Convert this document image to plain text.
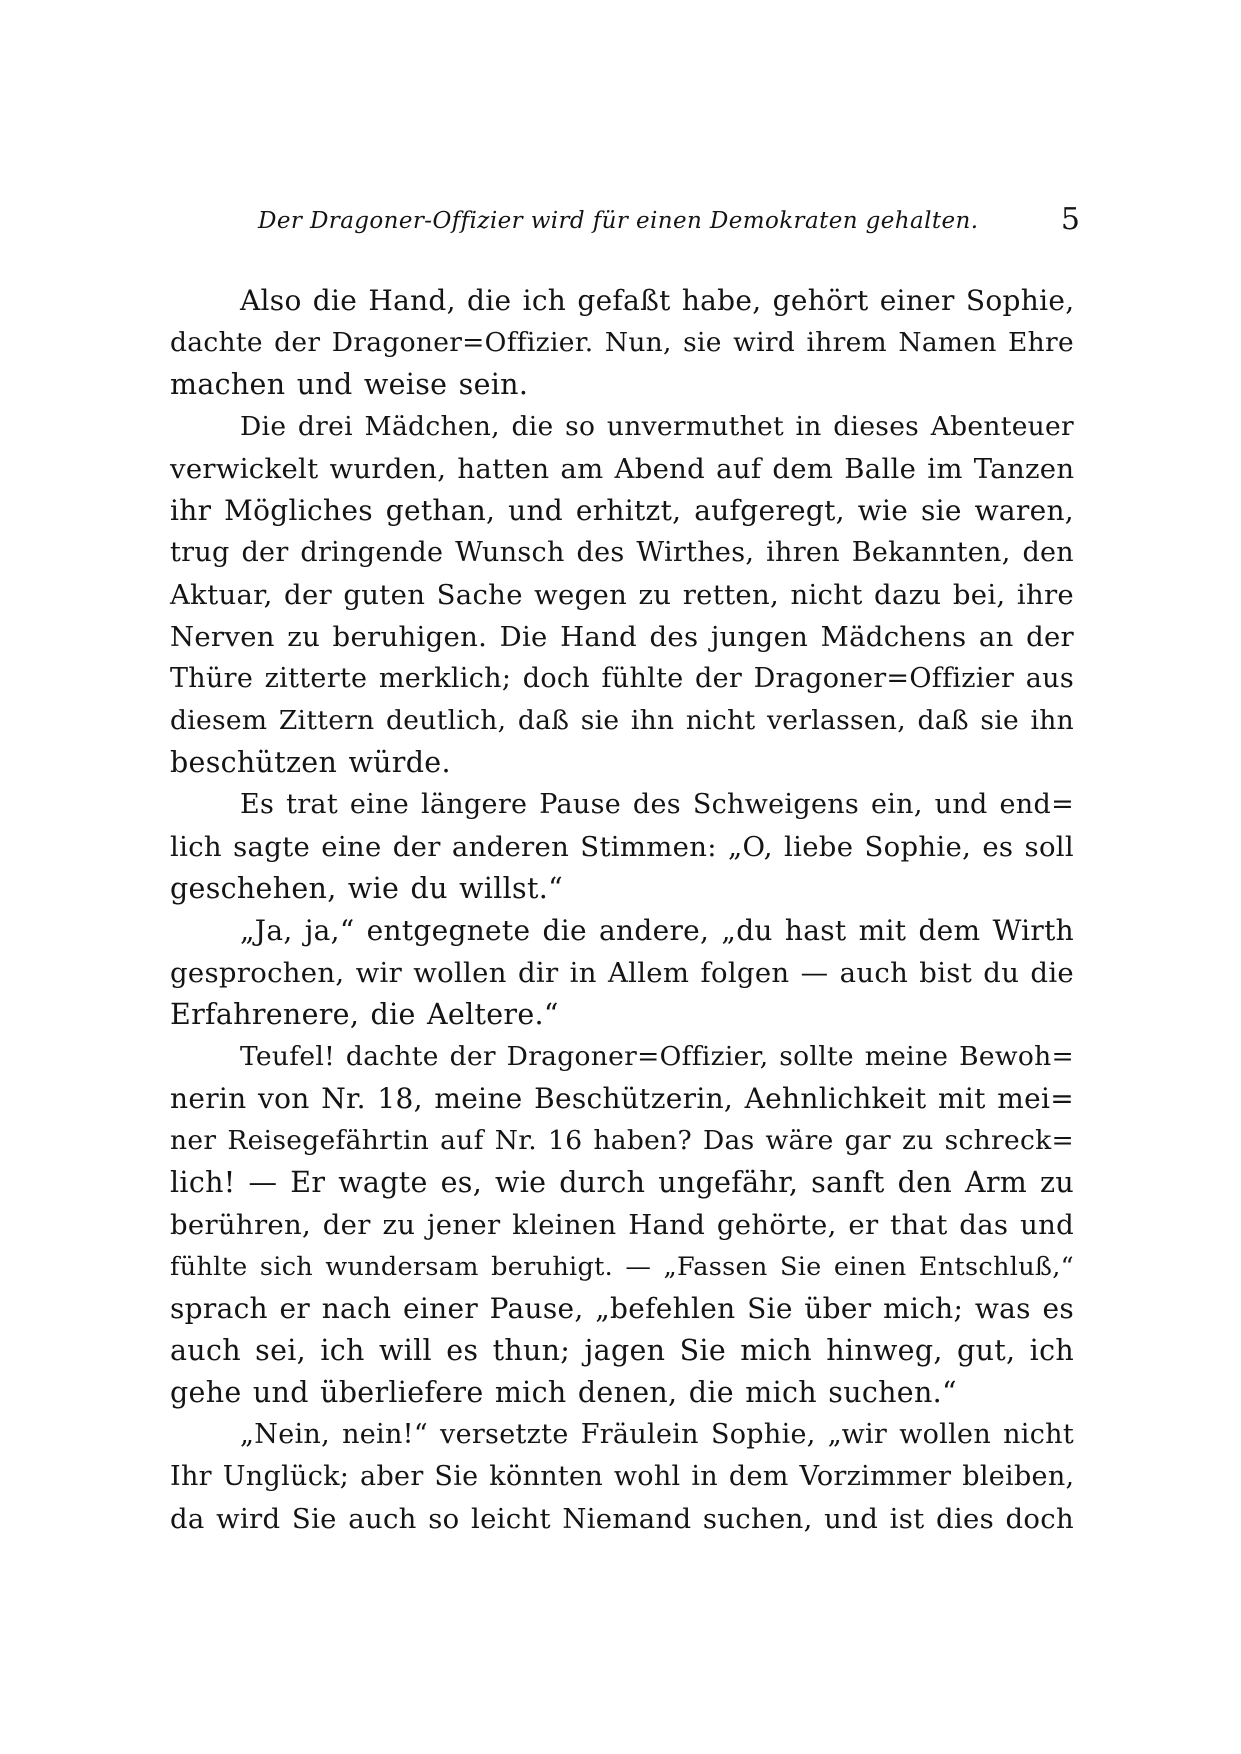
Der Dragoner-Offizier wird für einen Demokraten gehalten.	5
Also die Hand, die ich gefaßt habe, gehört einer Sophie,
dachte der Dragoner=Offizier. Nun, sie wird ihrem Namen Ehre
machen und weise sein.
Die drei Mädchen, die so unvermuthet in dieses Abenteuer
verwickelt wurden, hatten am Abend auf dem Balle im Tanzen
ihr Mögliches gethan, und erhitzt, aufgeregt, wie sie waren,
trug der dringende Wunsch des Wirthes, ihren Bekannten, den
Aktuar, der guten Sache wegen zu retten, nicht dazu bei, ihre
Nerven zu beruhigen. Die Hand des jungen Mädchens an der
Thüre zitterte merklich; doch fühlte der Dragoner=Offizier aus
diesem Zittern deutlich, daß sie ihn nicht verlassen, daß sie ihn
beschützen würde.
Es trat eine längere Pause des Schweigens ein, und end=
lich sagte eine der anderen Stimmen: „O, liebe Sophie, es soll
geschehen, wie du willst.“
„Ja, ja,“ entgegnete die andere, „du hast mit dem Wirth
gesprochen, wir wollen dir in Allem folgen — auch bist du die
Erfahrenere, die Aeltere.“
Teufel! dachte der Dragoner=Offizier, sollte meine Bewoh=
nerin von Nr. 18, meine Beschützerin, Aehnlichkeit mit mei=
ner Reisegefährtin auf Nr. 16 haben? Das wäre gar zu schreck=
lich! — Er wagte es, wie durch ungefähr, sanft den Arm zu
berühren, der zu jener kleinen Hand gehörte, er that das und
fühlte sich wundersam beruhigt. — „Fassen Sie einen Entschluß,“
sprach er nach einer Pause, „befehlen Sie über mich; was es
auch sei, ich will es thun; jagen Sie mich hinweg, gut, ich
gehe und überliefere mich denen, die mich suchen.“
„Nein, nein!“ versetzte Fräulein Sophie, „wir wollen nicht
Ihr Unglück; aber Sie könnten wohl in dem Vorzimmer bleiben,
da wird Sie auch so leicht Niemand suchen, und ist dies doch
